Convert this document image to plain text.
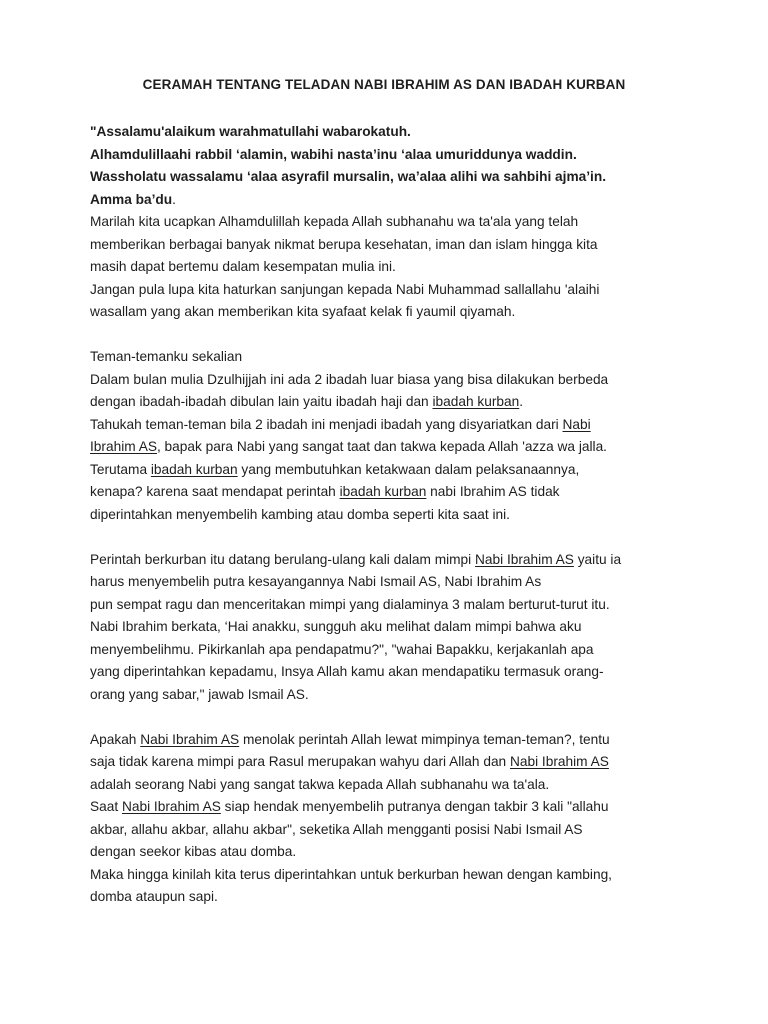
CERAMAH TENTANG TELADAN NABI IBRAHIM AS DAN IBADAH KURBAN
"Assalamu'alaikum warahmatullahi wabarokatuh.
Alhamdulillaahi rabbil ‘alamin, wabihi nasta’inu ‘alaa umuriddunya waddin.
Wassholatu wassalamu ‘alaa asyrafil mursalin, wa’alaa alihi wa sahbihi ajma’in.
Amma ba’du.
Marilah kita ucapkan Alhamdulillah kepada Allah subhanahu wa ta'ala yang telah
memberikan berbagai banyak nikmat berupa kesehatan, iman dan islam hingga kita
masih dapat bertemu dalam kesempatan mulia ini.
Jangan pula lupa kita haturkan sanjungan kepada Nabi Muhammad sallallahu 'alaihi
wasallam yang akan memberikan kita syafaat kelak fi yaumil qiyamah.
Teman-temanku sekalian
Dalam bulan mulia Dzulhijjah ini ada 2 ibadah luar biasa yang bisa dilakukan berbeda
dengan ibadah-ibadah dibulan lain yaitu ibadah haji dan ibadah kurban.
Tahukah teman-teman bila 2 ibadah ini menjadi ibadah yang disyariatkan dari Nabi
Ibrahim AS, bapak para Nabi yang sangat taat dan takwa kepada Allah 'azza wa jalla.
Terutama ibadah kurban yang membutuhkan ketakwaan dalam pelaksanaannya,
kenapa? karena saat mendapat perintah ibadah kurban nabi Ibrahim AS tidak
diperintahkan menyembelih kambing atau domba seperti kita saat ini.
Perintah berkurban itu datang berulang-ulang kali dalam mimpi Nabi Ibrahim AS yaitu ia
harus menyembelih putra kesayangannya Nabi Ismail AS, Nabi Ibrahim As
pun sempat ragu dan menceritakan mimpi yang dialaminya 3 malam berturut-turut itu.
Nabi Ibrahim berkata, ‘Hai anakku, sungguh aku melihat dalam mimpi bahwa aku
menyembelihmu. Pikirkanlah apa pendapatmu?", "wahai Bapakku, kerjakanlah apa
yang diperintahkan kepadamu, Insya Allah kamu akan mendapatiku termasuk orang-
orang yang sabar," jawab Ismail AS.
Apakah Nabi Ibrahim AS menolak perintah Allah lewat mimpinya teman-teman?, tentu
saja tidak karena mimpi para Rasul merupakan wahyu dari Allah dan Nabi Ibrahim AS
adalah seorang Nabi yang sangat takwa kepada Allah subhanahu wa ta'ala.
Saat Nabi Ibrahim AS siap hendak menyembelih putranya dengan takbir 3 kali "allahu
akbar, allahu akbar, allahu akbar", seketika Allah mengganti posisi Nabi Ismail AS
dengan seekor kibas atau domba.
Maka hingga kinilah kita terus diperintahkan untuk berkurban hewan dengan kambing,
domba ataupun sapi.
